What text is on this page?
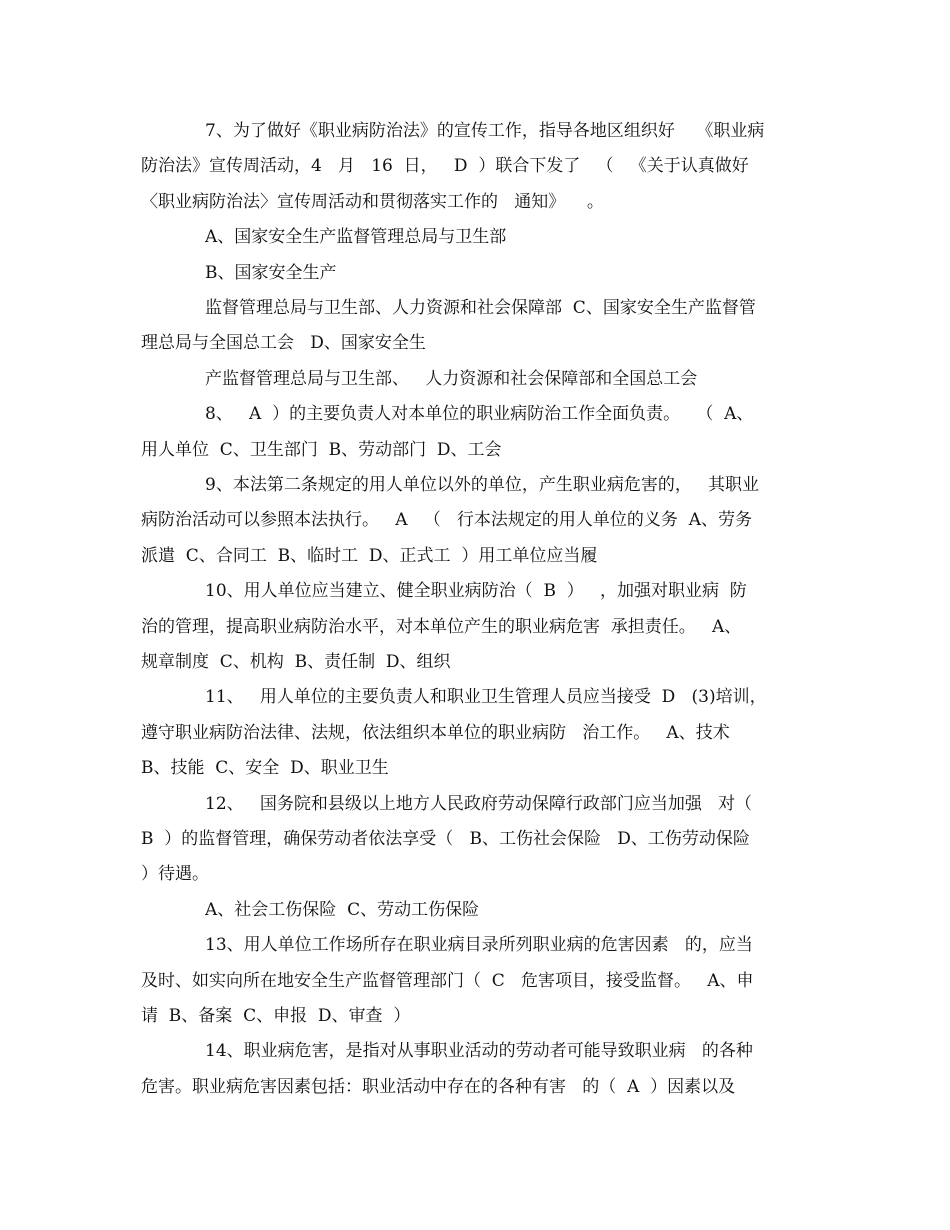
7、为了做好《职业病防治法》的宣传工作，指导各地区组织好    《职业病
防治法》宣传周活动，4   月   16  日，   D  ）联合下发了   （   《关于认真做好
〈职业病防治法〉宣传周活动和贯彻落实工作的   通知》    。
A、国家安全生产监督管理总局与卫生部
B、国家安全生产
监督管理总局与卫生部、人力资源和社会保障部  C、国家安全生产监督管
理总局与全国总工会   D、国家安全生
产监督管理总局与卫生部、   人力资源和社会保障部和全国总工会
8、   A  ）的主要负责人对本单位的职业病防治工作全面负责。   （  A、
用人单位  C、卫生部门  B、劳动部门  D、工会
9、本法第二条规定的用人单位以外的单位，产生职业病危害的，   其职业
病防治活动可以参照本法执行。   A   （   行本法规定的用人单位的义务  A、劳务
派遣  C、合同工  B、临时工  D、正式工  ）用工单位应当履
10、用人单位应当建立、健全职业病防治（  B  ）   ，加强对职业病  防
治的管理，提高职业病防治水平，对本单位产生的职业病危害  承担责任。   A、
规章制度  C、机构  B、责任制  D、组织
11、   用人单位的主要负责人和职业卫生管理人员应当接受  D   (3)培训，
遵守职业病防治法律、法规，依法组织本单位的职业病防   治工作。   A、技术
B、技能  C、安全  D、职业卫生
12、   国务院和县级以上地方人民政府劳动保障行政部门应当加强   对（
B  ）的监督管理，确保劳动者依法享受（   B、工伤社会保险   D、工伤劳动保险
）待遇。
A、社会工伤保险  C、劳动工伤保险
13、用人单位工作场所存在职业病目录所列职业病的危害因素   的，应当
及时、如实向所在地安全生产监督管理部门（  C   危害项目，接受监督。   A、申
请  B、备案  C、申报  D、审查  ）
14、职业病危害，是指对从事职业活动的劳动者可能导致职业病   的各种
危害。职业病危害因素包括：职业活动中存在的各种有害   的（  A  ）因素以及
